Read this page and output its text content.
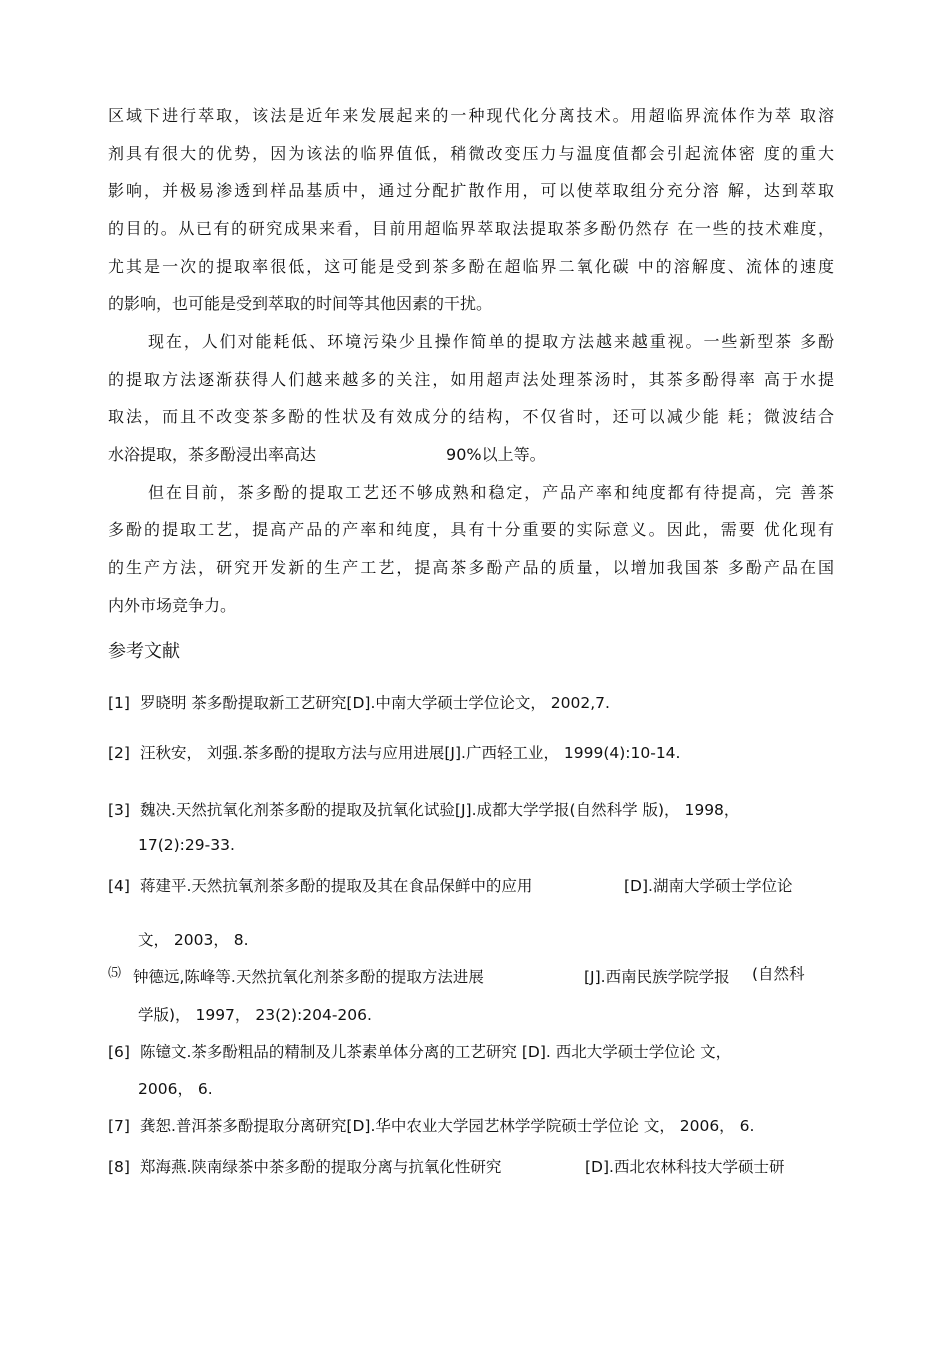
区域下进行萃取，该法是近年来发展起来的一种现代化分离技术。用超临界流体作为萃 取溶
剂具有很大的优势，因为该法的临界值低，稍微改变压力与温度值都会引起流体密 度的重大
影响，并极易渗透到样品基质中，通过分配扩散作用，可以使萃取组分充分溶 解，达到萃取
的目的。从已有的研究成果来看，目前用超临界萃取法提取茶多酚仍然存 在一些的技术难度，
尤其是一次的提取率很低，这可能是受到茶多酚在超临界二氧化碳 中的溶解度、流体的速度
的影响，也可能是受到萃取的时间等其他因素的干扰。
现在，人们对能耗低、环境污染少且操作简单的提取方法越来越重视。一些新型茶 多酚
的提取方法逐渐获得人们越来越多的关注，如用超声法处理茶汤时，其茶多酚得率 高于水提
取法，而且不改变茶多酚的性状及有效成分的结构，不仅省时，还可以减少能 耗；微波结合
水浴提取，茶多酚浸出率高达	90%以上等。
但在目前，茶多酚的提取工艺还不够成熟和稳定，产品产率和纯度都有待提高，完 善茶
多酚的提取工艺，提高产品的产率和纯度，具有十分重要的实际意义。因此，需要 优化现有
的生产方法，研究开发新的生产工艺，提高茶多酚产品的质量，以增加我国茶 多酚产品在国
内外市场竞争力。
参考文献
[1] 罗晓明 茶多酚提取新工艺研究[D].中南大学硕士学位论文， 2002,7.
[2] 汪秋安， 刘强.茶多酚的提取方法与应用进展[J].广西轻工业， 1999(4):10-14.
[3] 魏决.天然抗氧化剂茶多酚的提取及抗氧化试验[J].成都大学学报(自然科学 版)， 1998，
17(2):29-33.
[4] 蒋建平.天然抗氧剂茶多酚的提取及其在食品保鲜中的应用	[D].湖南大学硕士学位论
文， 2003， 8.
⑸ 钟德远,陈峰等.天然抗氧化剂茶多酚的提取方法进展	[J].西南民族学院学报 (自然科
学版)， 1997， 23(2):204-206.
[6] 陈镱文.茶多酚粗品的精制及儿茶素单体分离的工艺研究 [D]. 西北大学硕士学位论 文，
2006， 6.
[7] 龚恕.普洱茶多酚提取分离研究[D].华中农业大学园艺林学学院硕士学位论 文， 2006， 6.
[8] 郑海燕.陕南绿茶中茶多酚的提取分离与抗氧化性研究	[D].西北农林科技大学硕士研
